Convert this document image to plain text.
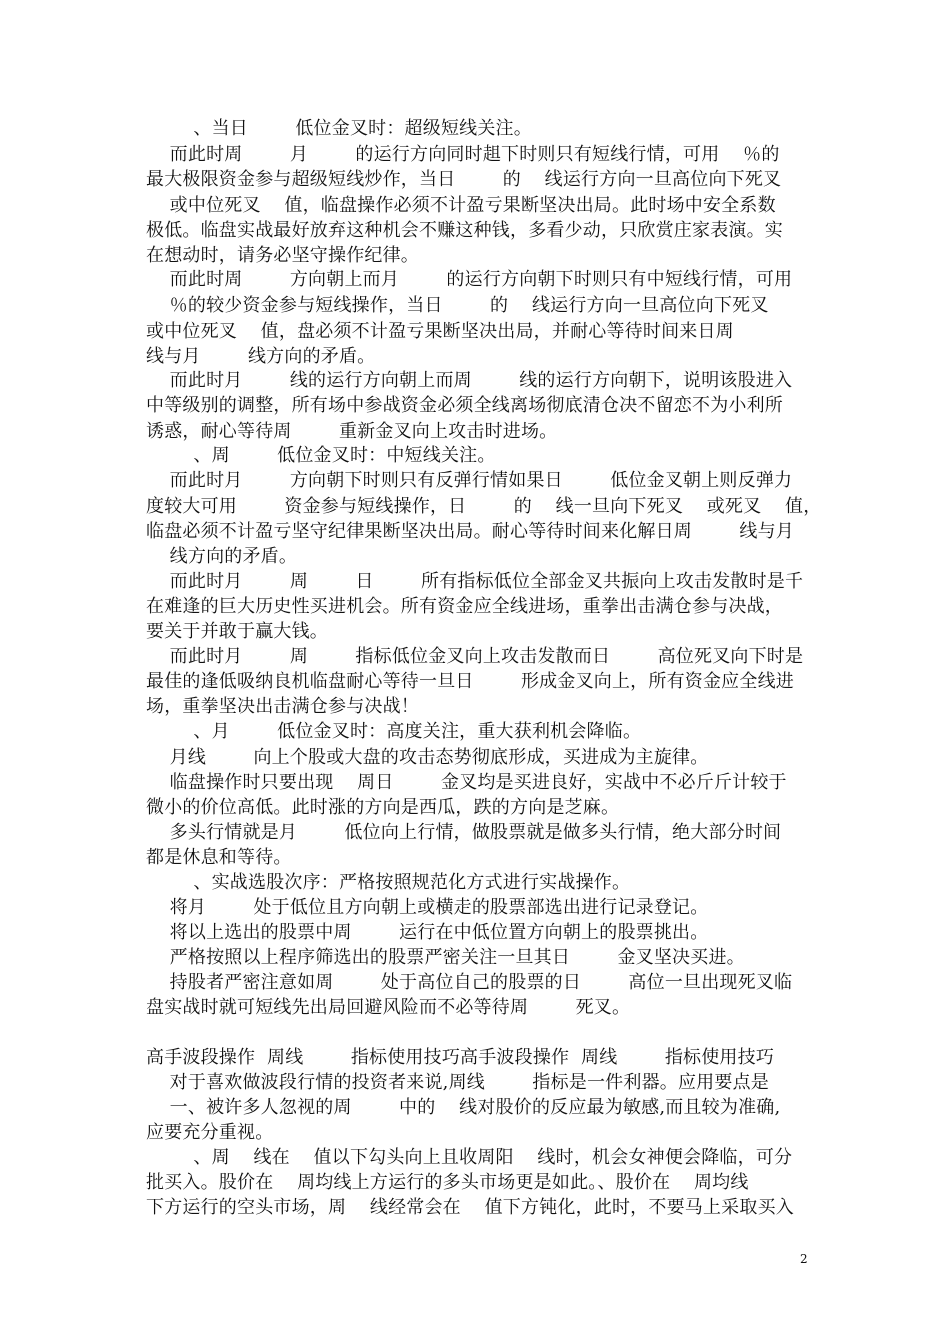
、当日        低位金叉时：超级短线关注。
而此时周        月        的运行方向同时趄下时则只有短线行情，可用    ％的
最大极限资金参与超级短线炒作，当日        的    线运行方向一旦高位向下死叉
或中位死叉    值，临盘操作必须不计盈亏果断坚决出局。此时场中安全系数
极低。临盘实战最好放弃这种机会不赚这种钱，多看少动，只欣赏庄家表演。实
在想动时，请务必坚守操作纪律。
而此时周        方向朝上而月        的运行方向朝下时则只有中短线行情，可用
％的较少资金参与短线操作，当日        的    线运行方向一旦高位向下死叉
或中位死叉    值，盘必须不计盈亏果断坚决出局，并耐心等待时间来日周
线与月        线方向的矛盾。
而此时月        线的运行方向朝上而周        线的运行方向朝下，说明该股进入
中等级别的调整，所有场中参战资金必须全线离场彻底清仓决不留恋不为小利所
诱惑，耐心等待周        重新金叉向上攻击时进场。
、周        低位金叉时：中短线关注。
而此时月        方向朝下时则只有反弹行情如果日        低位金叉朝上则反弹力
度较大可用        资金参与短线操作，日        的    线一旦向下死叉    或死叉    值，
临盘必须不计盈亏坚守纪律果断坚决出局。耐心等待时间来化解日周        线与月
线方向的矛盾。
而此时月        周        日        所有指标低位全部金叉共振向上攻击发散时是千
在难逢的巨大历史性买进机会。所有资金应全线进场，重拳出击满仓参与决战，
要关于并敢于赢大钱。
而此时月        周        指标低位金叉向上攻击发散而日        高位死叉向下时是
最佳的逢低吸纳良机临盘耐心等待一旦日        形成金叉向上，所有资金应全线进
场，重拳坚决出击满仓参与决战！
、月        低位金叉时：高度关注，重大获利机会降临。
月线        向上个股或大盘的攻击态势彻底形成，买进成为主旋律。
临盘操作时只要出现    周日        金叉均是买进良好，实战中不必斤斤计较于
微小的价位高低。此时涨的方向是西瓜，跌的方向是芝麻。
多头行情就是月        低位向上行情，做股票就是做多头行情，绝大部分时间
都是休息和等待。
、实战选股次序：严格按照规范化方式进行实战操作。
将月        处于低位且方向朝上或横走的股票部选出进行记录登记。
将以上选出的股票中周        运行在中低位置方向朝上的股票挑出。
严格按照以上程序筛选出的股票严密关注一旦其日        金叉坚决买进。
持股者严密注意如周        处于高位自己的股票的日        高位一旦出现死叉临
盘实战时就可短线先出局回避风险而不必等待周        死叉。
高手波段操作  周线        指标使用技巧高手波段操作  周线        指标使用技巧
对于喜欢做波段行情的投资者来说,周线        指标是一件利器。应用要点是
一、被许多人忽视的周        中的    线对股价的反应最为敏感,而且较为准确,
应要充分重视。
、周    线在    值以下勾头向上且收周阳    线时，机会女神便会降临，可分
批买入。股价在    周均线上方运行的多头市场更是如此。、股价在    周均线
下方运行的空头市场，周    线经常会在    值下方钝化，此时，不要马上采取买入
2
